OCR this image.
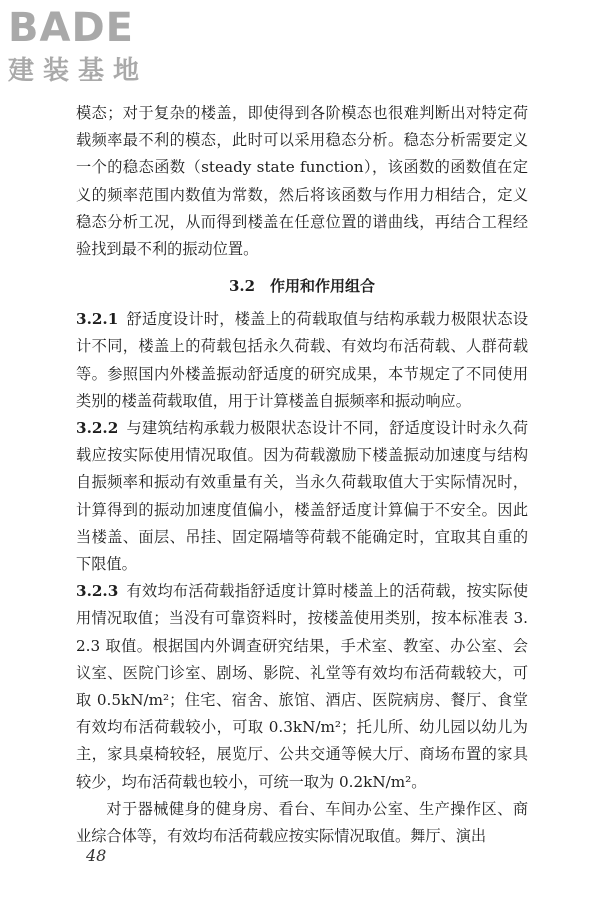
BADE
建装基地

模态；对于复杂的楼盖，即使得到各阶模态也很难判断出对特定荷载频率最不利的模态，此时可以采用稳态分析。稳态分析需要定义一个的稳态函数（steady state function），该函数的函数值在定义的频率范围内数值为常数，然后将该函数与作用力相结合，定义稳态分析工况，从而得到楼盖在任意位置的谱曲线，再结合工程经验找到最不利的振动位置。

3.2　作用和作用组合

3.2.1 舒适度设计时，楼盖上的荷载取值与结构承载力极限状态设计不同，楼盖上的荷载包括永久荷载、有效均布活荷载、人群荷载等。参照国内外楼盖振动舒适度的研究成果，本节规定了不同使用类别的楼盖荷载取值，用于计算楼盖自振频率和振动响应。

3.2.2 与建筑结构承载力极限状态设计不同，舒适度设计时永久荷载应按实际使用情况取值。因为荷载激励下楼盖振动加速度与结构自振频率和振动有效重量有关，当永久荷载取值大于实际情况时，计算得到的振动加速度值偏小，楼盖舒适度计算偏于不安全。因此当楼盖、面层、吊挂、固定隔墙等荷载不能确定时，宜取其自重的下限值。

3.2.3 有效均布活荷载指舒适度计算时楼盖上的活荷载，按实际使用情况取值；当没有可靠资料时，按楼盖使用类别，按本标准表 3.2.3 取值。根据国内外调查研究结果，手术室、教室、办公室、会议室、医院门诊室、剧场、影院、礼堂等有效均布活荷载较大，可取 0.5kN/m²；住宅、宿舍、旅馆、酒店、医院病房、餐厅、食堂有效均布活荷载较小，可取 0.3kN/m²；托儿所、幼儿园以幼儿为主，家具桌椅较轻，展览厅、公共交通等候大厅、商场布置的家具较少，均布活荷载也较小，可统一取为 0.2kN/m²。

对于器械健身的健身房、看台、车间办公室、生产操作区、商业综合体等，有效均布活荷载应按实际情况取值。舞厅、演出

48
